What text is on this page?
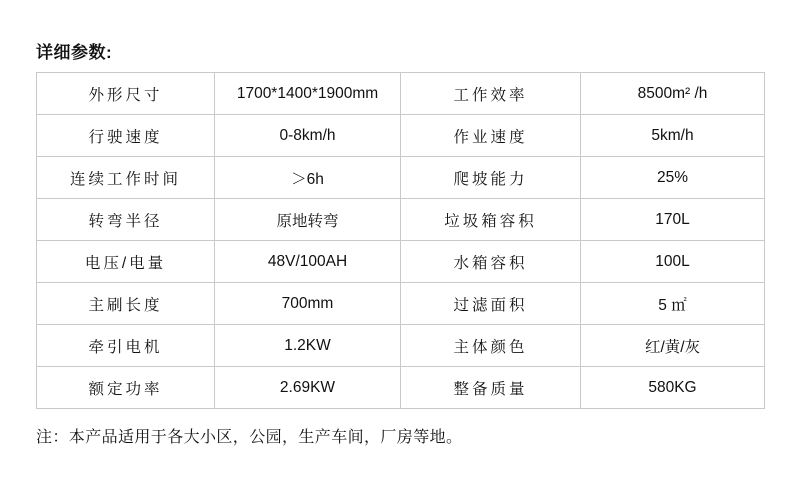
详细参数:
外形尺寸	1700*1400*1900mm	工作效率	8500m² /h
行驶速度	0-8km/h	作业速度	5km/h
连续工作时间	＞6h	爬坡能力	25%
转弯半径	原地转弯	垃圾箱容积	170L
电压/电量	48V/100AH	水箱容积	100L
主刷长度	700mm	过滤面积	5 ㎡
牵引电机	1.2KW	主体颜色	红/黄/灰
额定功率	2.69KW	整备质量	580KG
注：本产品适用于各大小区，公园，生产车间，厂房等地。
